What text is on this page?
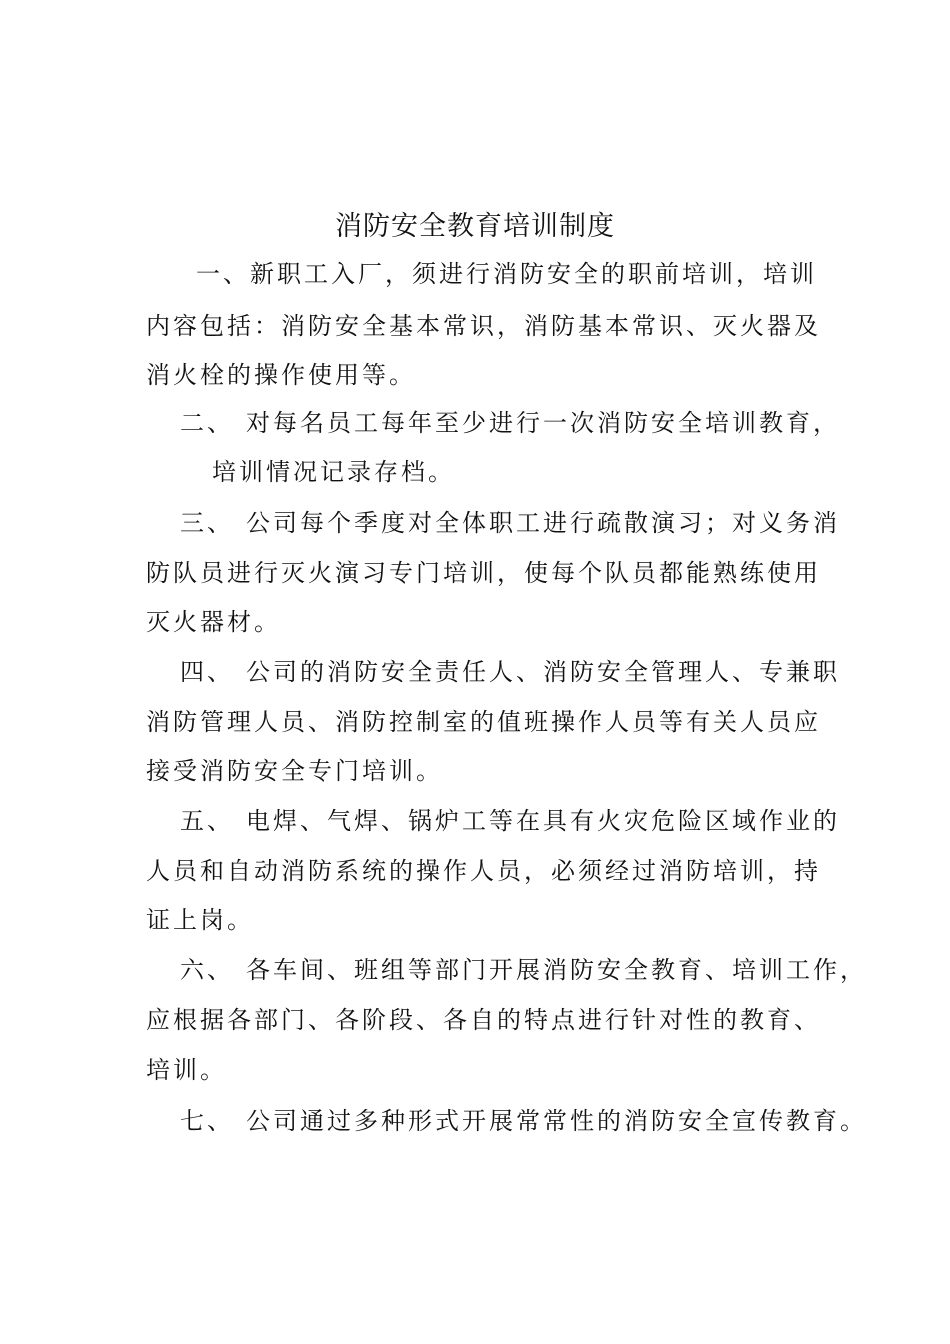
消防安全教育培训制度
一、新职工入厂，须进行消防安全的职前培训，培训
内容包括：消防安全基本常识，消防基本常识、灭火器及
消火栓的操作使用等。
二、 对每名员工每年至少进行一次消防安全培训教育，
培训情况记录存档。
三、 公司每个季度对全体职工进行疏散演习；对义务消
防队员进行灭火演习专门培训，使每个队员都能熟练使用
灭火器材。
四、 公司的消防安全责任人、消防安全管理人、专兼职
消防管理人员、消防控制室的值班操作人员等有关人员应
接受消防安全专门培训。
五、 电焊、气焊、锅炉工等在具有火灾危险区域作业的
人员和自动消防系统的操作人员，必须经过消防培训，持
证上岗。
六、 各车间、班组等部门开展消防安全教育、培训工作，
应根据各部门、各阶段、各自的特点进行针对性的教育、
培训。
七、 公司通过多种形式开展常常性的消防安全宣传教育。
